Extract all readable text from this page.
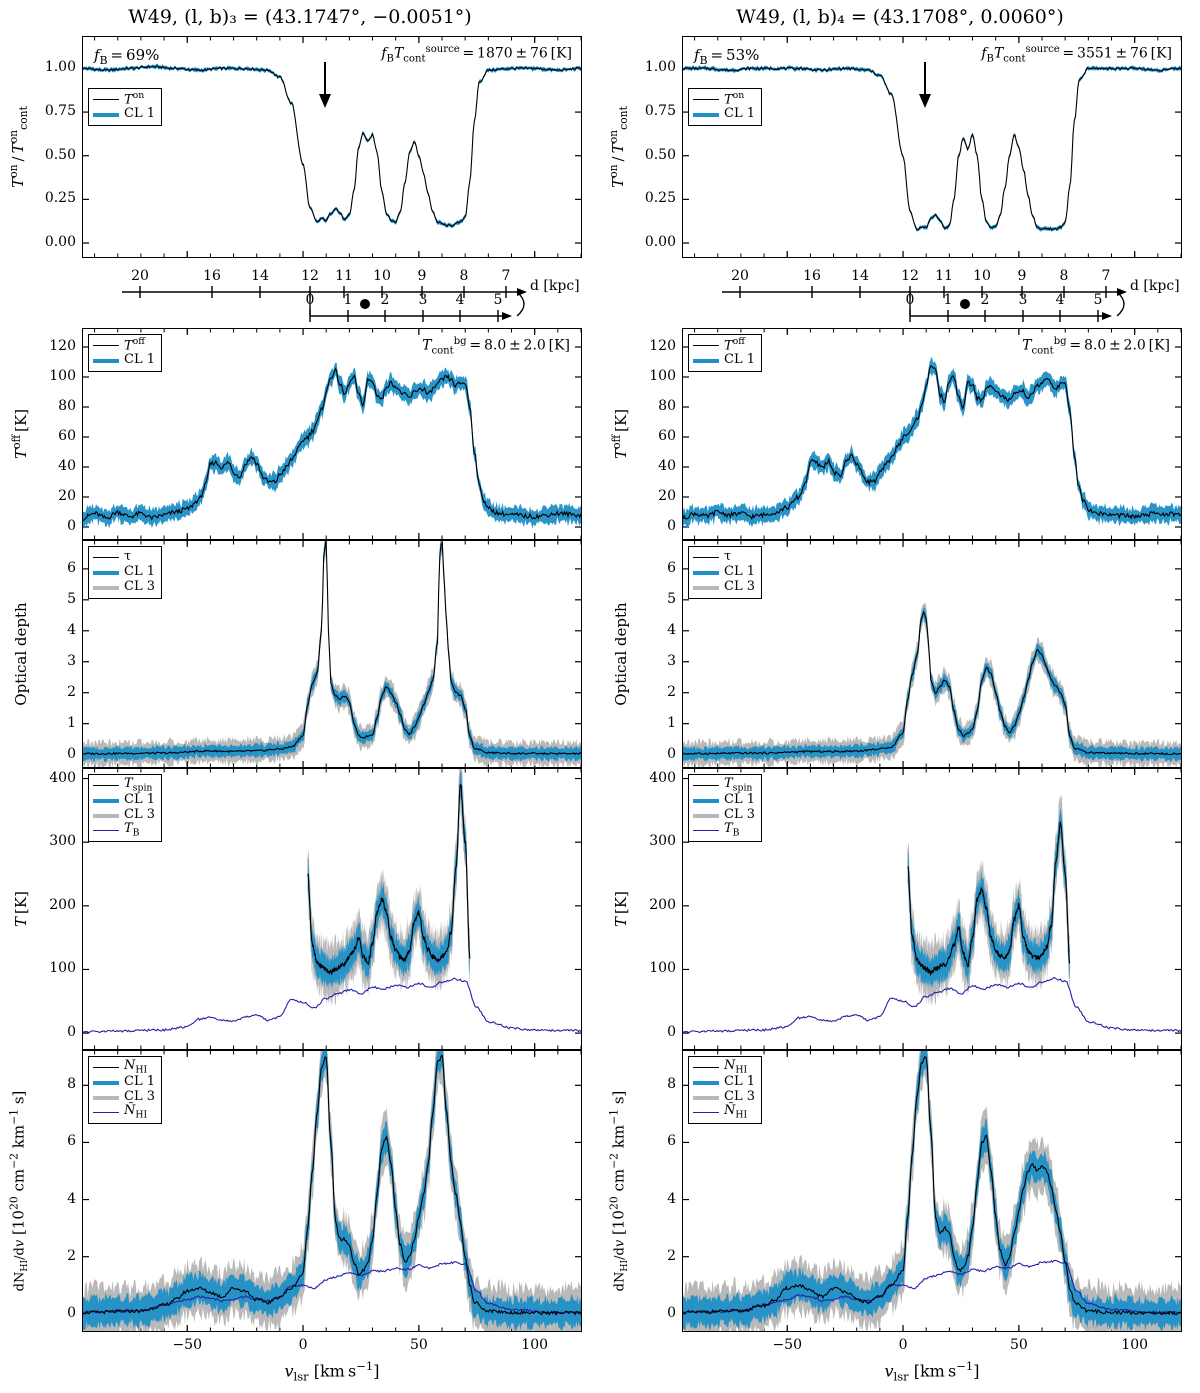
W49, (l, b)₃ = (43.1747°, −0.0051°)
0.00
0.25
0.50
0.75
1.00
$T^{on} / T^{on}_{cont}$
$T^{on}$
CL 1
$f_B = 69\%$	$f_BT_{cont}^{source} = 1870 \pm 76$ [K]
0
20
40
60
80
100
120
$T^{off}$ [K]
$T^{off}$
CL 1
$T_{cont}^{bg} = 8.0 \pm 2.0$ [K]
0
1
2
3
4
5
6
Optical depth
τ
CL 1
CL 3
0
100
200
300
400
T [K]
$T_{spin}$
CL 1
CL 3
$T_B$
0
2
4
6
8
$dN_{HI}/dv$ [$10^{20}$ $cm^{-2}$ $km^{-1}$ s]
$N_{HI}$
CL 1
CL 3
$Ñ_{HI}$
−50	0	50	100
$v_{lsr}$ [km $s^{-1}$]
20	16	14	12	11	10	9	8	7
0	1	2	3	4	5
d [kpc]
W49, (l, b)₄ = (43.1708°, 0.0060°)
0.00
0.25
0.50
0.75
1.00
$T^{on} / T^{on}_{cont}$
$T^{on}$
CL 1
$f_B = 53\%$	$f_BT_{cont}^{source} = 3551 \pm 76$ [K]
0
20
40
60
80
100
120
$T^{off}$ [K]
$T^{off}$
CL 1
$T_{cont}^{bg} = 8.0 \pm 2.0$ [K]
0
1
2
3
4
5
6
Optical depth
τ
CL 1
CL 3
0
100
200
300
400
T [K]
$T_{spin}$
CL 1
CL 3
$T_B$
0
2
4
6
8
$dN_{HI}/dv$ [$10^{20}$ $cm^{-2}$ $km^{-1}$ s]
$N_{HI}$
CL 1
CL 3
$Ñ_{HI}$
−50	0	50	100
$v_{lsr}$ [km $s^{-1}$]
20	16	14	12	11	10	9	8	7
0	1	2	3	4	5
d [kpc]
